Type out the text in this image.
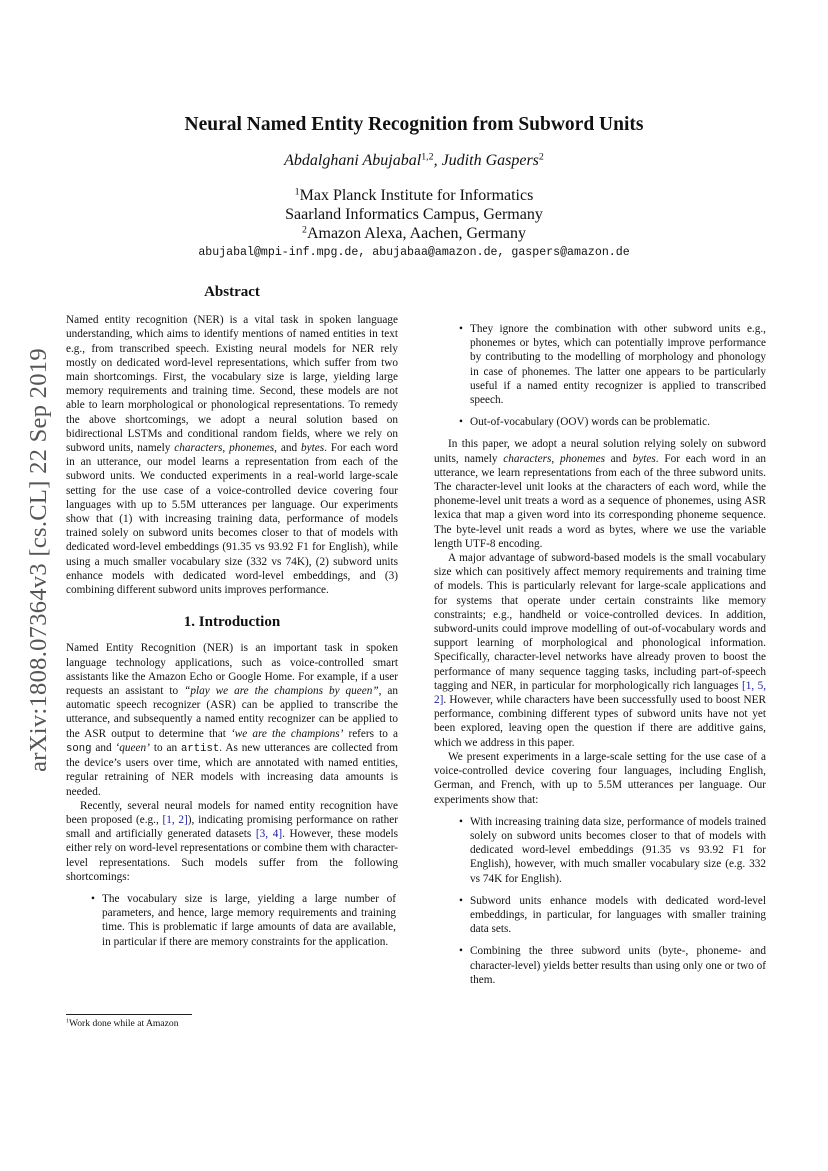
arXiv:1808.07364v3 [cs.CL] 22 Sep 2019
Neural Named Entity Recognition from Subword Units
Abdalghani Abujabal$^{1,2}$, Judith Gaspers$^2$
$^1$Max Planck Institute for Informatics
Saarland Informatics Campus, Germany
$^2$Amazon Alexa, Aachen, Germany
abujabal@mpi-inf.mpg.de, abujabaa@amazon.de, gaspers@amazon.de

Abstract

Named entity recognition (NER) is a vital task in spoken language understanding, which aims to identify mentions of named entities in text e.g., from transcribed speech. Existing neural models for NER rely mostly on dedicated word-level representations, which suffer from two main shortcomings. First, the vocabulary size is large, yielding large memory requirements and training time. Second, these models are not able to learn morphological or phonological representations. To remedy the above shortcomings, we adopt a neural solution based on bidirectional LSTMs and conditional random fields, where we rely on subword units, namely characters, phonemes, and bytes. For each word in an utterance, our model learns a representation from each of the subword units. We conducted experiments in a real-world large-scale setting for the use case of a voice-controlled device covering four languages with up to 5.5M utterances per language. Our experiments show that (1) with increasing training data, performance of models trained solely on subword units becomes closer to that of models with dedicated word-level embeddings (91.35 vs 93.92 F1 for English), while using a much smaller vocabulary size (332 vs 74K), (2) subword units enhance models with dedicated word-level embeddings, and (3) combining different subword units improves performance.

1. Introduction

Named Entity Recognition (NER) is an important task in spoken language technology applications, such as voice-controlled smart assistants like the Amazon Echo or Google Home. For example, if a user requests an assistant to “play we are the champions by queen”, an automatic speech recognizer (ASR) can be applied to transcribe the utterance, and subsequently a named entity recognizer can be applied to the ASR output to determine that ‘we are the champions’ refers to a song and ‘queen’ to an artist. As new utterances are collected from the device’s users over time, which are annotated with named entities, regular retraining of NER models with increasing data amounts is needed.

Recently, several neural models for named entity recognition have been proposed (e.g., [1, 2]), indicating promising performance on rather small and artificially generated datasets [3, 4]. However, these models either rely on word-level representations or combine them with character-level representations. Such models suffer from the following shortcomings:

• The vocabulary size is large, yielding a large number of parameters, and hence, large memory requirements and training time. This is problematic if large amounts of data are available, in particular if there are memory constraints for the application.
• They ignore the combination with other subword units e.g., phonemes or bytes, which can potentially improve performance by contributing to the modelling of morphology and phonology in case of phonemes. The latter one appears to be particularly useful if a named entity recognizer is applied to transcribed speech.
• Out-of-vocabulary (OOV) words can be problematic.

In this paper, we adopt a neural solution relying solely on subword units, namely characters, phonemes and bytes. For each word in an utterance, we learn representations from each of the three subword units. The character-level unit looks at the characters of each word, while the phoneme-level unit treats a word as a sequence of phonemes, using ASR lexica that map a given word into its corresponding phoneme sequence. The byte-level unit reads a word as bytes, where we use the variable length UTF-8 encoding.

A major advantage of subword-based models is the small vocabulary size which can positively affect memory requirements and training time of models. This is particularly relevant for large-scale applications and for systems that operate under certain constraints like memory constraints; e.g., handheld or voice-controlled devices. In addition, subword-units could improve modelling of out-of-vocabulary words and support learning of morphological and phonological information. Specifically, character-level networks have already proven to boost the performance of many sequence tagging tasks, including part-of-speech tagging and NER, in particular for morphologically rich languages [1, 5, 2]. However, while characters have been successfully used to boost NER performance, combining different types of subword units have not yet been explored, leaving open the question if there are additive gains, which we address in this paper.

We present experiments in a large-scale setting for the use case of a voice-controlled device covering four languages, including English, German, and French, with up to 5.5M utterances per language. Our experiments show that:

• With increasing training data size, performance of models trained solely on subword units becomes closer to that of models with dedicated word-level embeddings (91.35 vs 93.92 F1 for English), however, with much smaller vocabulary size (e.g. 332 vs 74K for English).
• Subword units enhance models with dedicated word-level embeddings, in particular, for languages with smaller training data sets.
• Combining the three subword units (byte-, phoneme- and character-level) yields better results than using only one or two of them.
$^1$Work done while at Amazon
